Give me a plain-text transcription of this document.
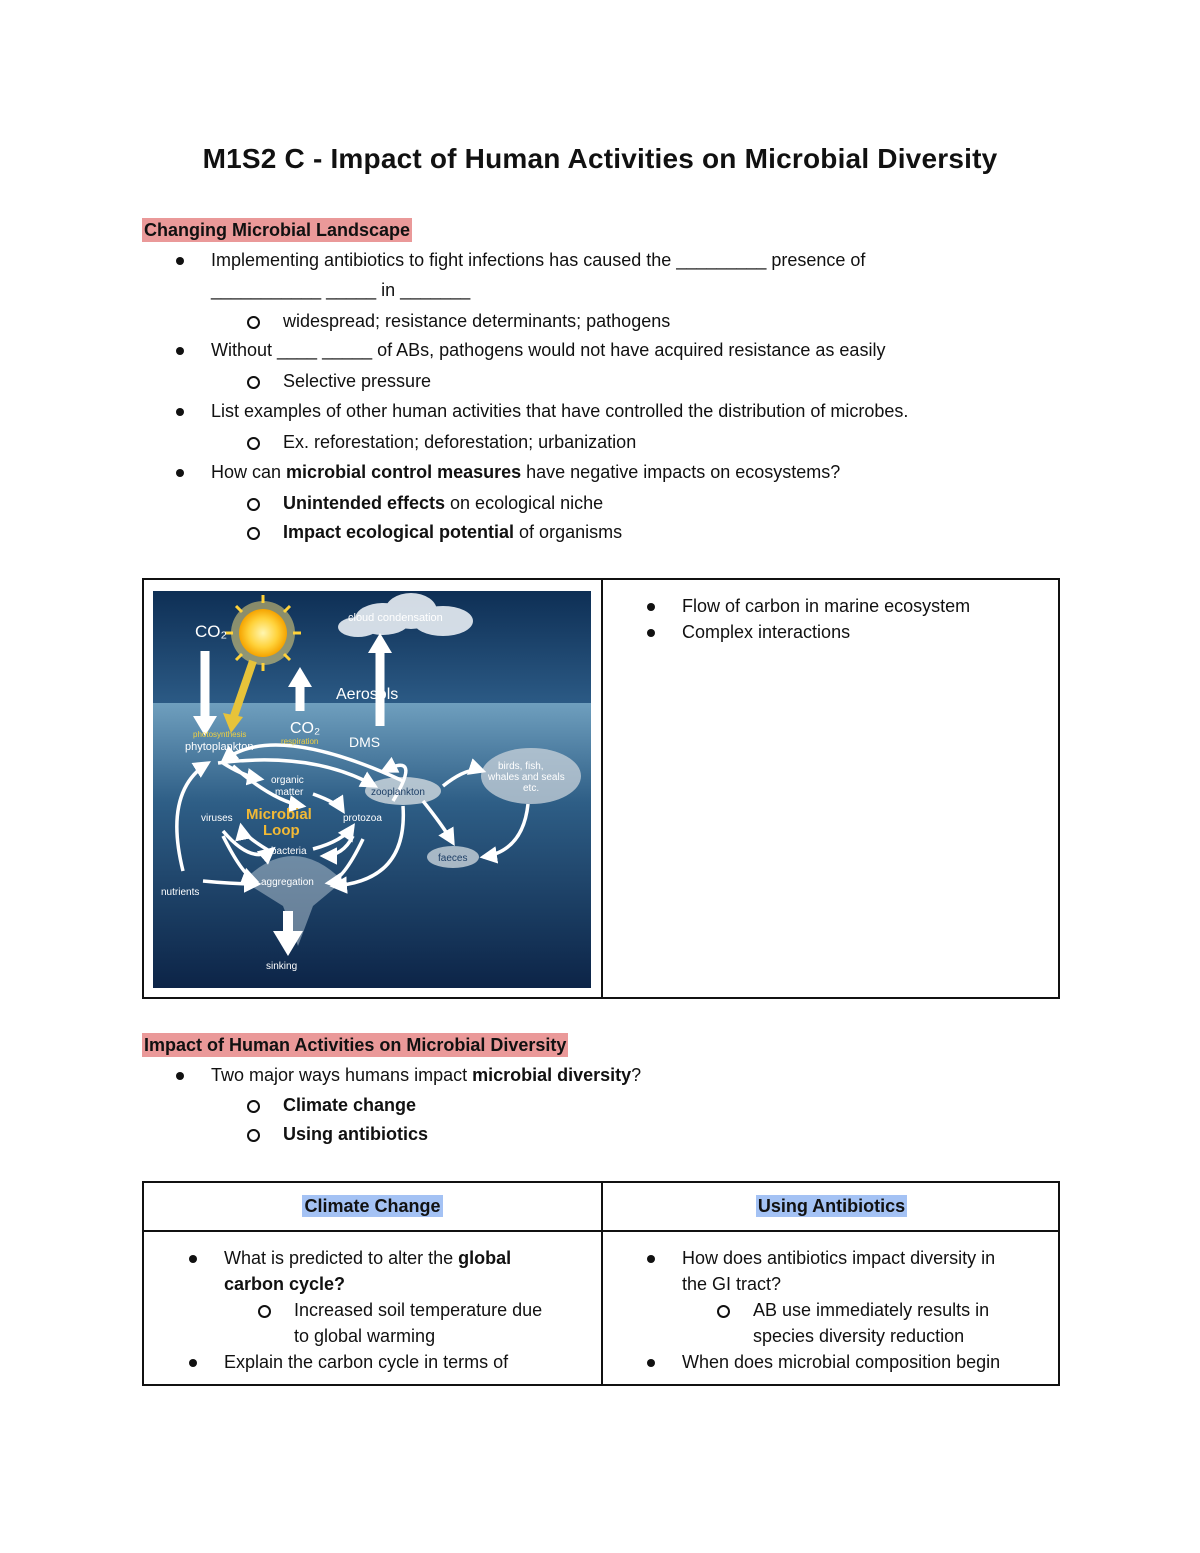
M1S2 C - Impact of Human Activities on Microbial Diversity
Changing Microbial Landscape
Implementing antibiotics to fight infections has caused the _________ presence of
___________ _____ in _______
widespread; resistance determinants; pathogens
Without ____ _____ of ABs, pathogens would not have acquired resistance as easily
Selective pressure
List examples of other human activities that have controlled the distribution of microbes.
Ex. reforestation; deforestation; urbanization
How can microbial control measures have negative impacts on ecosystems?
Unintended effects on ecological niche
Impact ecological potential of organisms
CO₂
cloud condensation
Aerosols
CO₂
respiration DMS
photosynthesis
phytoplankton
organic
matter
Microbial
Loop
viruses	protozoa
bacteria
zooplankton
birds, fish,
whales and seals
etc.
faeces
aggregation
nutrients
sinking
Flow of carbon in marine ecosystem
Complex interactions
Impact of Human Activities on Microbial Diversity
Two major ways humans impact microbial diversity?
Climate change
Using antibiotics
Climate Change	Using Antibiotics
What is predicted to alter the global
carbon cycle?
Increased soil temperature due
to global warming
Explain the carbon cycle in terms of
How does antibiotics impact diversity in
the GI tract?
AB use immediately results in
species diversity reduction
When does microbial composition begin
